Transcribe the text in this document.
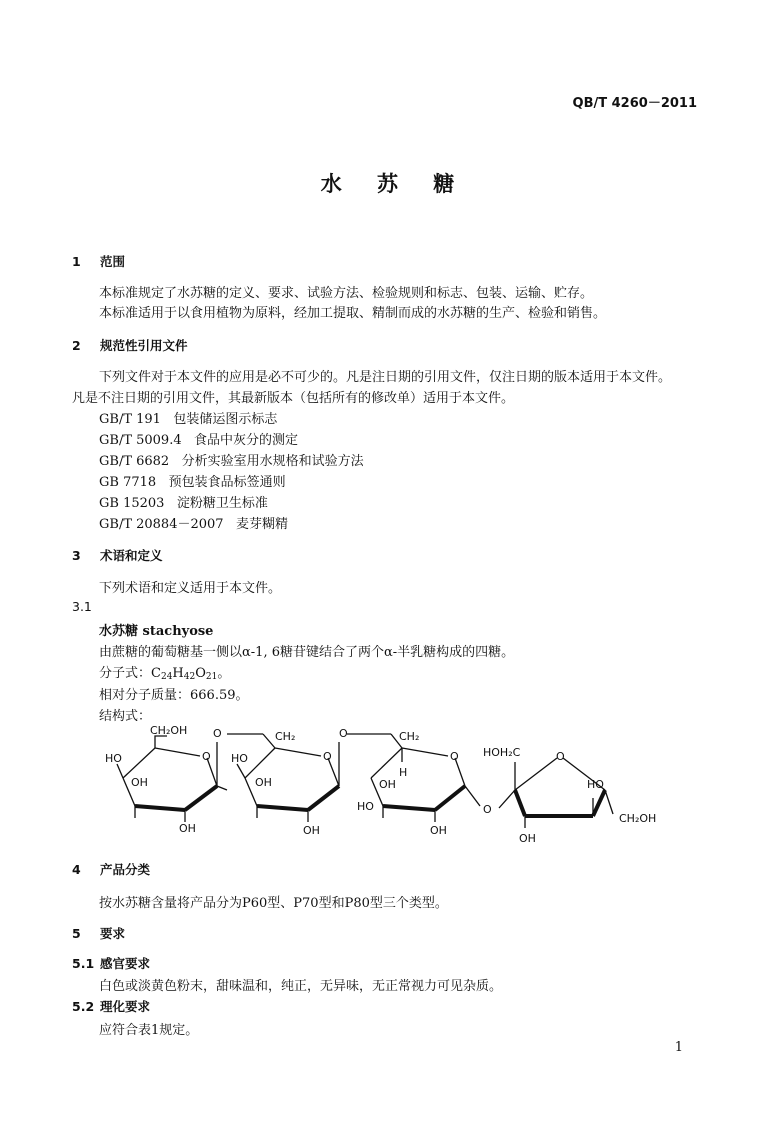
QB/T 4260－2011
水 苏 糖
1 范围
本标准规定了水苏糖的定义、要求、试验方法、检验规则和标志、包装、运输、贮存。
本标准适用于以食用植物为原料，经加工提取、精制而成的水苏糖的生产、检验和销售。
2 规范性引用文件
下列文件对于本文件的应用是必不可少的。凡是注日期的引用文件，仅注日期的版本适用于本文件。
凡是不注日期的引用文件，其最新版本（包括所有的修改单）适用于本文件。
GB/T 191 包装储运图示标志
GB/T 5009.4 食品中灰分的测定
GB/T 6682 分析实验室用水规格和试验方法
GB 7718 预包装食品标签通则
GB 15203 淀粉糖卫生标准
GB/T 20884－2007 麦芽糊精
3 术语和定义
下列术语和定义适用于本文件。
3.1
水苏糖 stachyose
由蔗糖的葡萄糖基一侧以α-1, 6糖苷键结合了两个α-半乳糖构成的四糖。
分子式：$C_{24}H_{42}O_{21}$。
相对分子质量：666.59。
结构式：
CH₂OH
O
O
HO
OH
OH
CH₂
O
HO
OH
OH
O	CH₂
O
H
OH
HO
OH
O
HOH₂C	O
HO
CH₂OH
OH
4 产品分类
按水苏糖含量将产品分为P60型、P70型和P80型三个类型。
5 要求
5.1 感官要求
白色或淡黄色粉末，甜味温和，纯正，无异味，无正常视力可见杂质。
5.2 理化要求
应符合表1规定。
1
